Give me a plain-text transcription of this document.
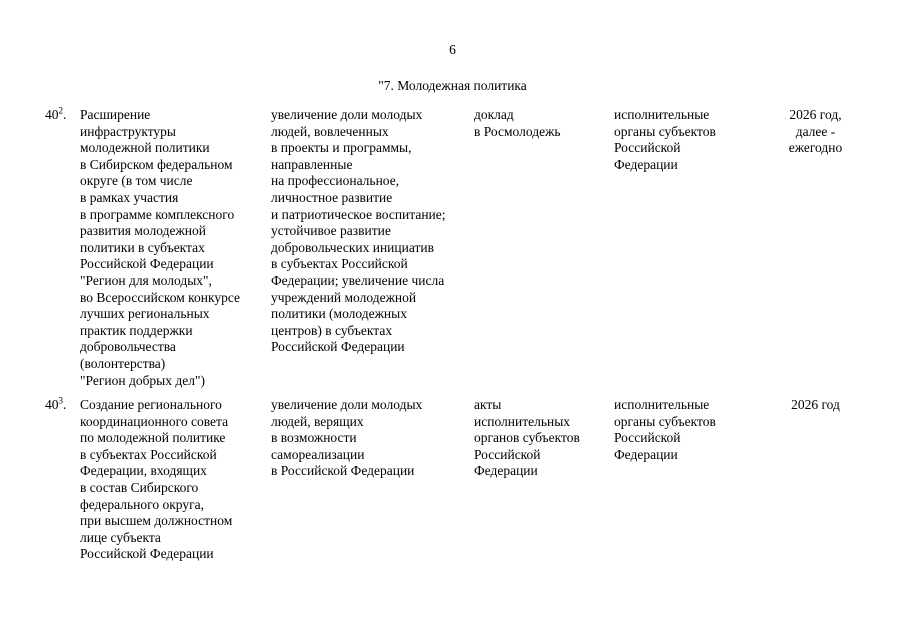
6
"7. Молодежная политика
$40^2$.	Расширение
инфраструктуры
молодежной политики
в Сибирском федеральном
округе (в том числе
в рамках участия
в программе комплексного
развития молодежной
политики в субъектах
Российской Федерации
"Регион для молодых",
во Всероссийском конкурсе
лучших региональных
практик поддержки
добровольчества
(волонтерства)
"Регион добрых дел")
увеличение доли молодых
людей, вовлеченных
в проекты и программы,
направленные
на профессиональное,
личностное развитие
и патриотическое воспитание;
устойчивое развитие
добровольческих инициатив
в субъектах Российской
Федерации; увеличение числа
учреждений молодежной
политики (молодежных
центров) в субъектах
Российской Федерации
доклад
в Росмолодежь
исполнительные
органы субъектов
Российской
Федерации
2026 год,
далее -
ежегодно
$40^3$.	Создание регионального
координационного совета
по молодежной политике
в субъектах Российской
Федерации, входящих
в состав Сибирского
федерального округа,
при высшем должностном
лице субъекта
Российской Федерации
увеличение доли молодых
людей, верящих
в возможности
самореализации
в Российской Федерации
акты
исполнительных
органов субъектов
Российской
Федерации
исполнительные
органы субъектов
Российской
Федерации
2026 год
